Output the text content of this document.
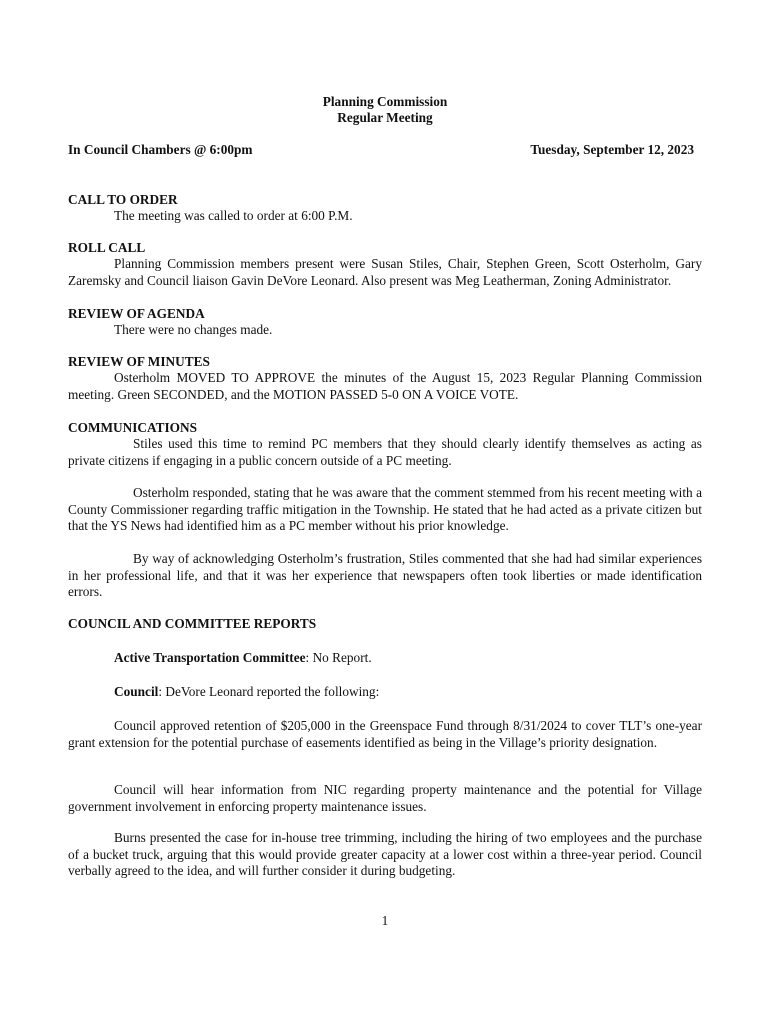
Planning Commission
Regular Meeting
In Council Chambers @ 6:00pm	Tuesday, September 12, 2023
CALL TO ORDER
The meeting was called to order at 6:00 P.M.
ROLL CALL
Planning Commission members present were Susan Stiles, Chair, Stephen Green, Scott Osterholm, Gary Zaremsky and Council liaison Gavin DeVore Leonard. Also present was Meg Leatherman, Zoning Administrator.
REVIEW OF AGENDA
There were no changes made.
REVIEW OF MINUTES
Osterholm MOVED TO APPROVE the minutes of the August 15, 2023 Regular Planning Commission meeting. Green SECONDED, and the MOTION PASSED 5-0 ON A VOICE VOTE.
COMMUNICATIONS
Stiles used this time to remind PC members that they should clearly identify themselves as acting as private citizens if engaging in a public concern outside of a PC meeting.
Osterholm responded, stating that he was aware that the comment stemmed from his recent meeting with a County Commissioner regarding traffic mitigation in the Township. He stated that he had acted as a private citizen but that the YS News had identified him as a PC member without his prior knowledge.
By way of acknowledging Osterholm’s frustration, Stiles commented that she had had similar experiences in her professional life, and that it was her experience that newspapers often took liberties or made identification errors.
COUNCIL AND COMMITTEE REPORTS
Active Transportation Committee: No Report.
Council: DeVore Leonard reported the following:
Council approved retention of $205,000 in the Greenspace Fund through 8/31/2024 to cover TLT’s one-year grant extension for the potential purchase of easements identified as being in the Village’s priority designation.
Council will hear information from NIC regarding property maintenance and the potential for Village government involvement in enforcing property maintenance issues.
Burns presented the case for in-house tree trimming, including the hiring of two employees and the purchase of a bucket truck, arguing that this would provide greater capacity at a lower cost within a three-year period. Council verbally agreed to the idea, and will further consider it during budgeting.
1
